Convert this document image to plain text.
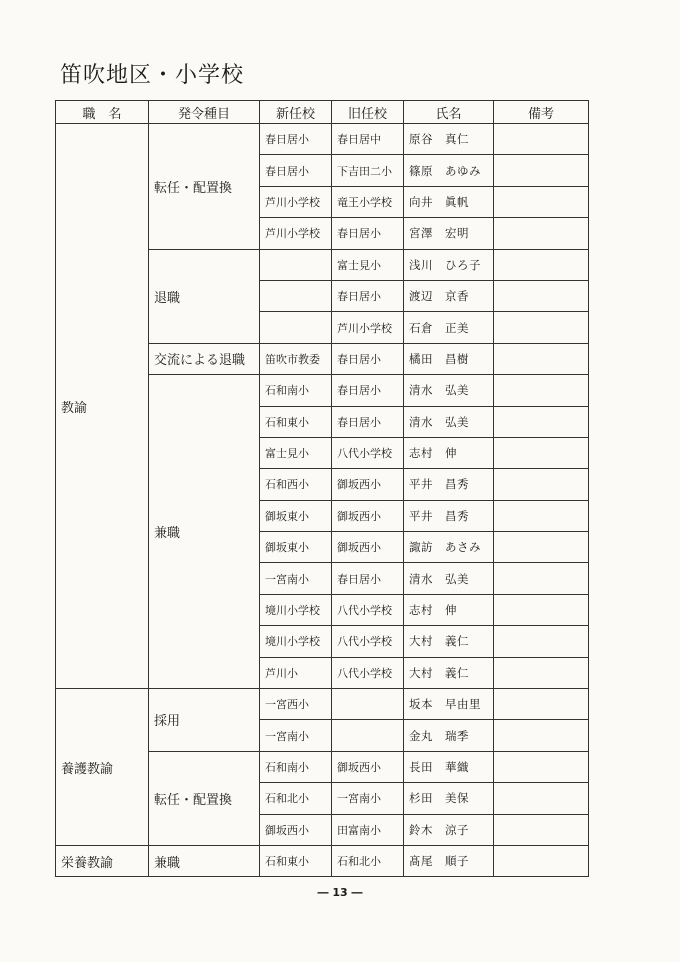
笛吹地区・小学校
職　名	発令種目	新任校	旧任校	氏名	備考
教諭	転任・配置換	春日居小	春日居中	原谷　真仁	
		春日居小	下吉田二小	篠原　あゆみ	
		芦川小学校	竜王小学校	向井　眞帆	
		芦川小学校	春日居小	宮澤　宏明	
	退職		富士見小	浅川　ひろ子	
			春日居小	渡辺　京香	
			芦川小学校	石倉　正美	
	交流による退職	笛吹市教委	春日居小	橘田　昌樹	
	兼職	石和南小	春日居小	清水　弘美	
		石和東小	春日居小	清水　弘美	
		富士見小	八代小学校	志村　伸	
		石和西小	御坂西小	平井　昌秀	
		御坂東小	御坂西小	平井　昌秀	
		御坂東小	御坂西小	諏訪　あさみ	
		一宮南小	春日居小	清水　弘美	
		境川小学校	八代小学校	志村　伸	
		境川小学校	八代小学校	大村　義仁	
		芦川小	八代小学校	大村　義仁	
養護教諭	採用	一宮西小		坂本　早由里	
		一宮南小		金丸　瑞季	
	転任・配置換	石和南小	御坂西小	長田　華織	
		石和北小	一宮南小	杉田　美保	
		御坂西小	田富南小	鈴木　涼子	
栄養教諭	兼職	石和東小	石和北小	髙尾　順子	
― 13 ―
